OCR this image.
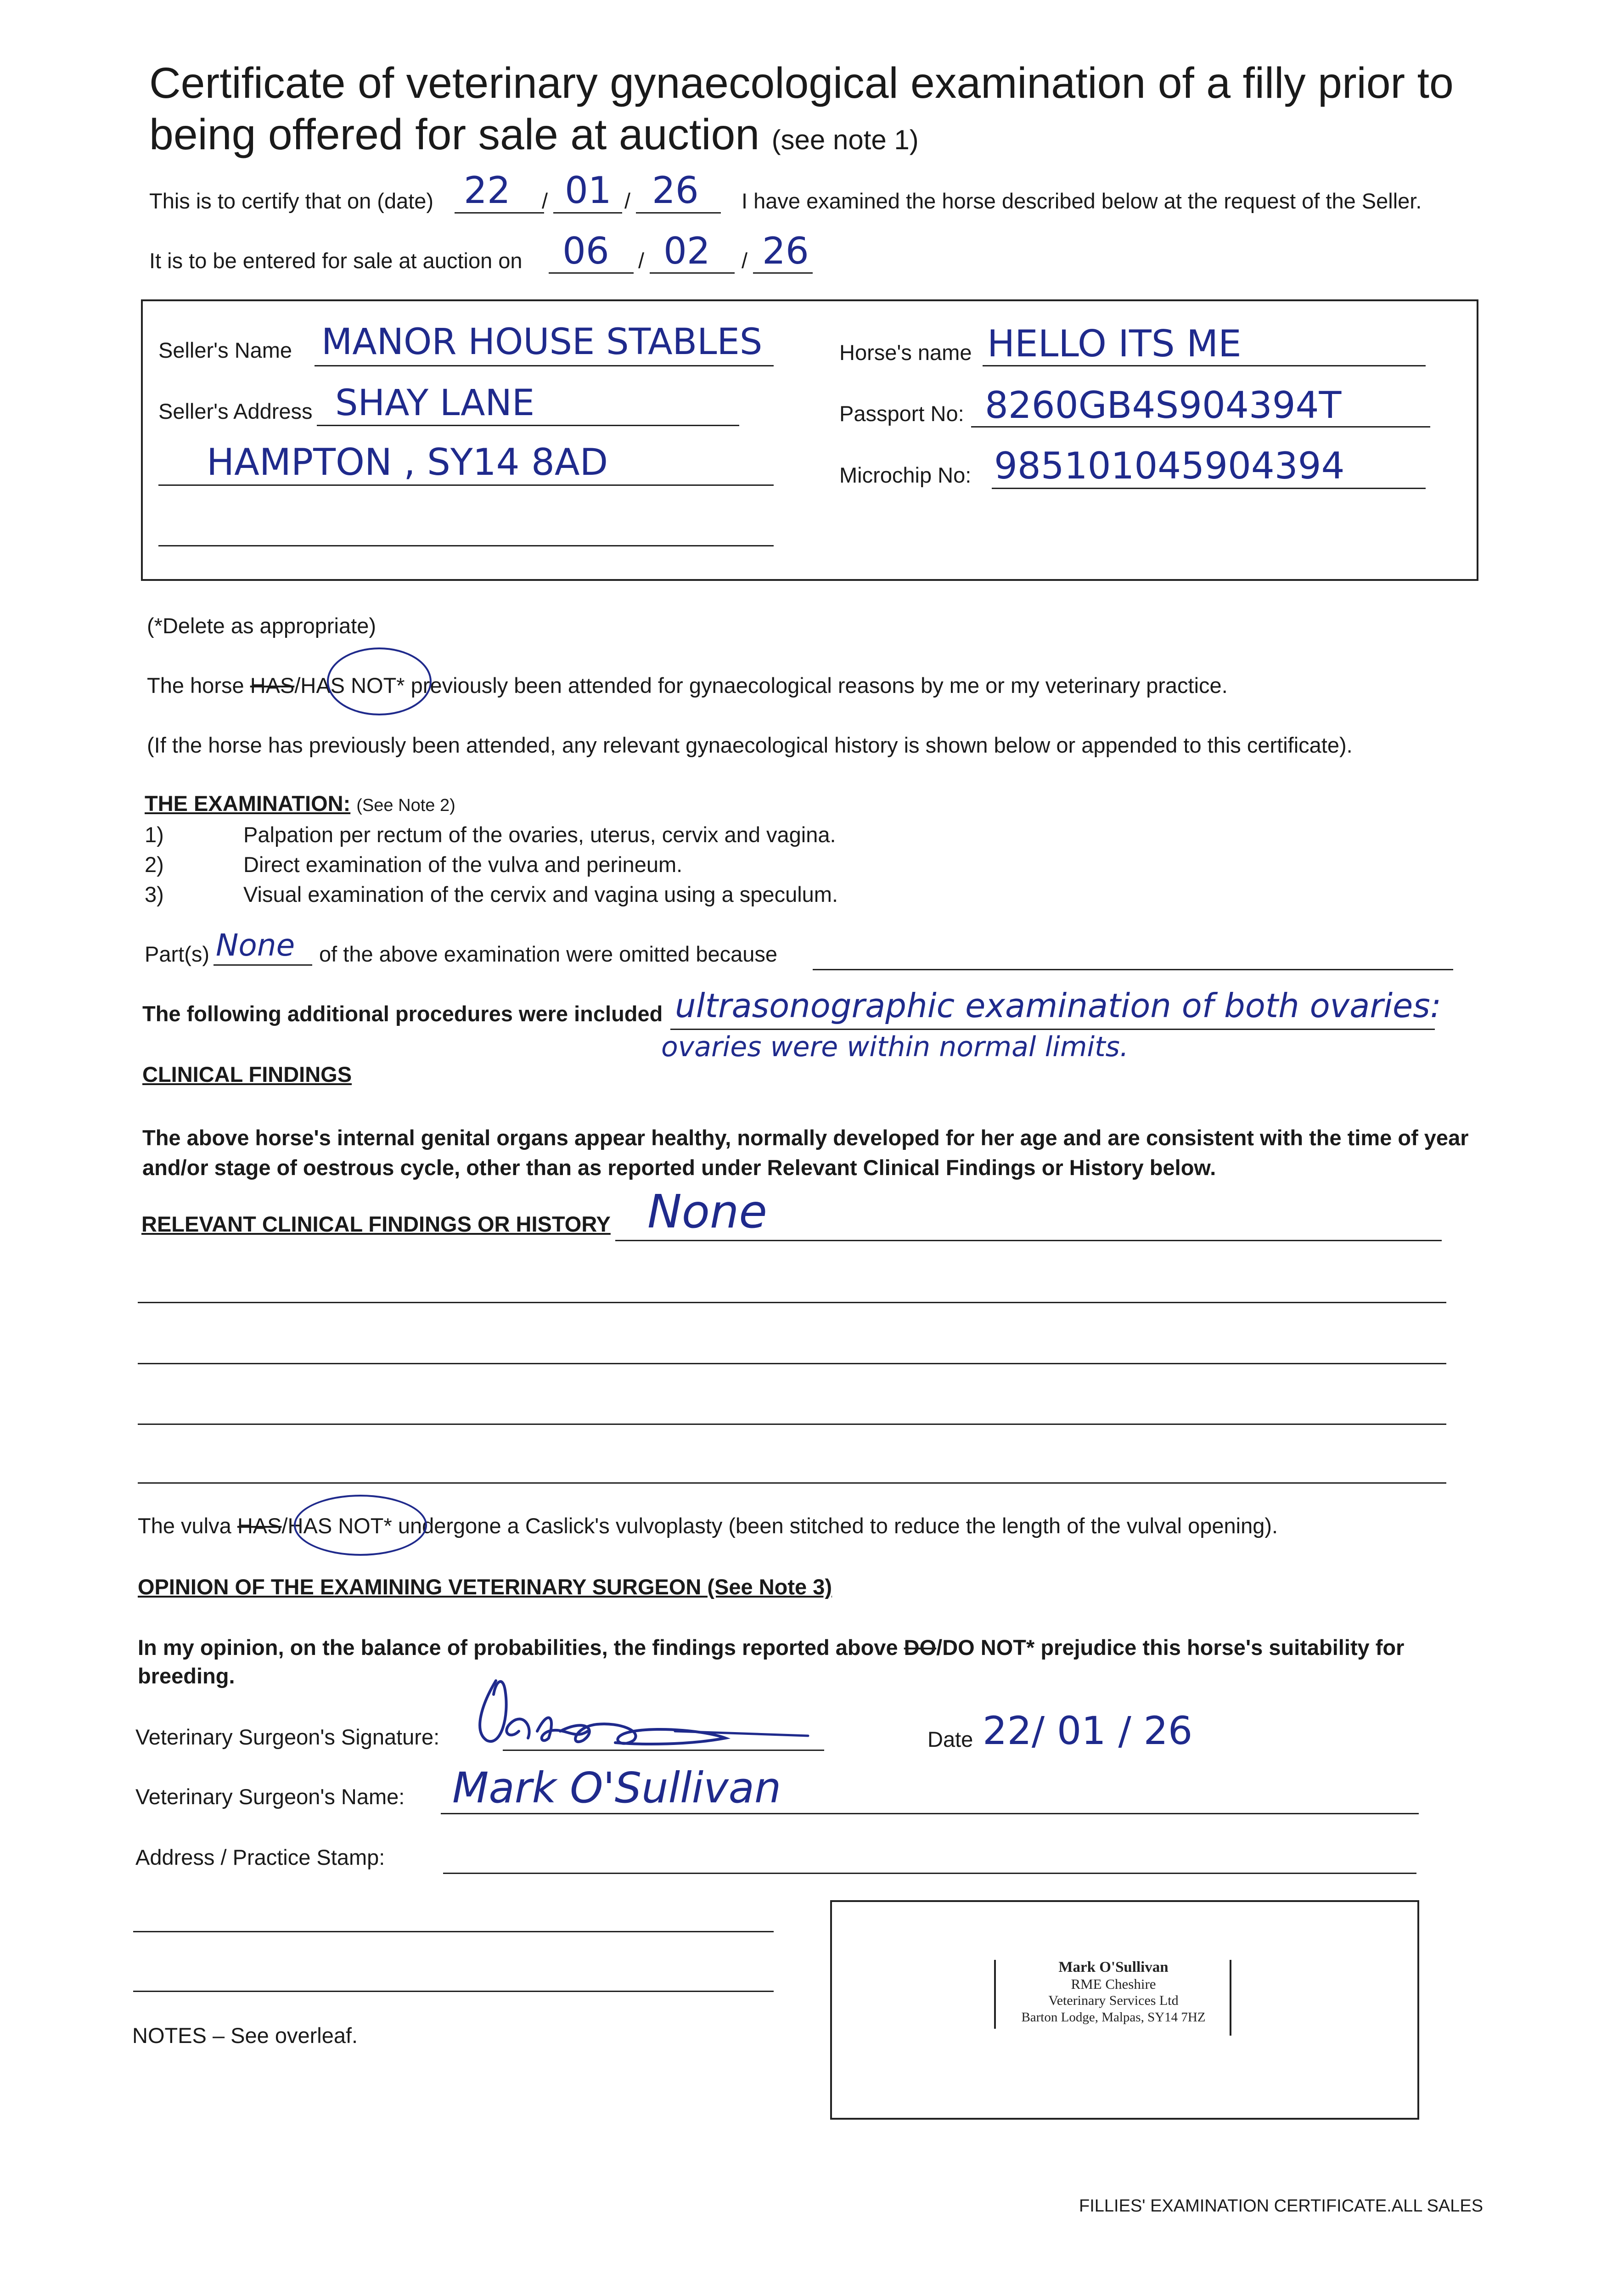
Certificate of veterinary gynaecological examination of a filly prior to
being offered for sale at auction (see note 1)
This is to certify that on (date) 22 / 01 / 26 I have examined the horse described below at the request of the Seller.
It is to be entered for sale at auction on 06 / 02 / 26
Seller's Name MANOR HOUSE STABLES
Seller's Address SHAY LANE
HAMPTON , SY14 8AD
Horse's name HELLO ITS ME
Passport No: 8260GB4S904394T
Microchip No: 985101045904394
(*Delete as appropriate)
The horse HAS/HAS NOT* previously been attended for gynaecological reasons by me or my veterinary practice.
(If the horse has previously been attended, any relevant gynaecological history is shown below or appended to this certificate).
THE EXAMINATION: (See Note 2)
1)	Palpation per rectum of the ovaries, uterus, cervix and vagina.
2)	Direct examination of the vulva and perineum.
3)	Visual examination of the cervix and vagina using a speculum.
Part(s) None of the above examination were omitted because
The following additional procedures were included ultrasonographic examination of both ovaries:
ovaries were within normal limits.
CLINICAL FINDINGS
The above horse's internal genital organs appear healthy, normally developed for her age and are consistent with the time of year
and/or stage of oestrous cycle, other than as reported under Relevant Clinical Findings or History below.
RELEVANT CLINICAL FINDINGS OR HISTORY None
The vulva HAS/HAS NOT* undergone a Caslick's vulvoplasty (been stitched to reduce the length of the vulval opening).
OPINION OF THE EXAMINING VETERINARY SURGEON (See Note 3)
In my opinion, on the balance of probabilities, the findings reported above DO/DO NOT* prejudice this horse's suitability for
breeding.
Veterinary Surgeon's Signature:	Date 22/ 01 / 26
Veterinary Surgeon's Name: Mark O'Sullivan
Address / Practice Stamp:
Mark O'Sullivan
RME Cheshire
Veterinary Services Ltd
Barton Lodge, Malpas, SY14 7HZ
NOTES – See overleaf.
FILLIES' EXAMINATION CERTIFICATE.ALL SALES
